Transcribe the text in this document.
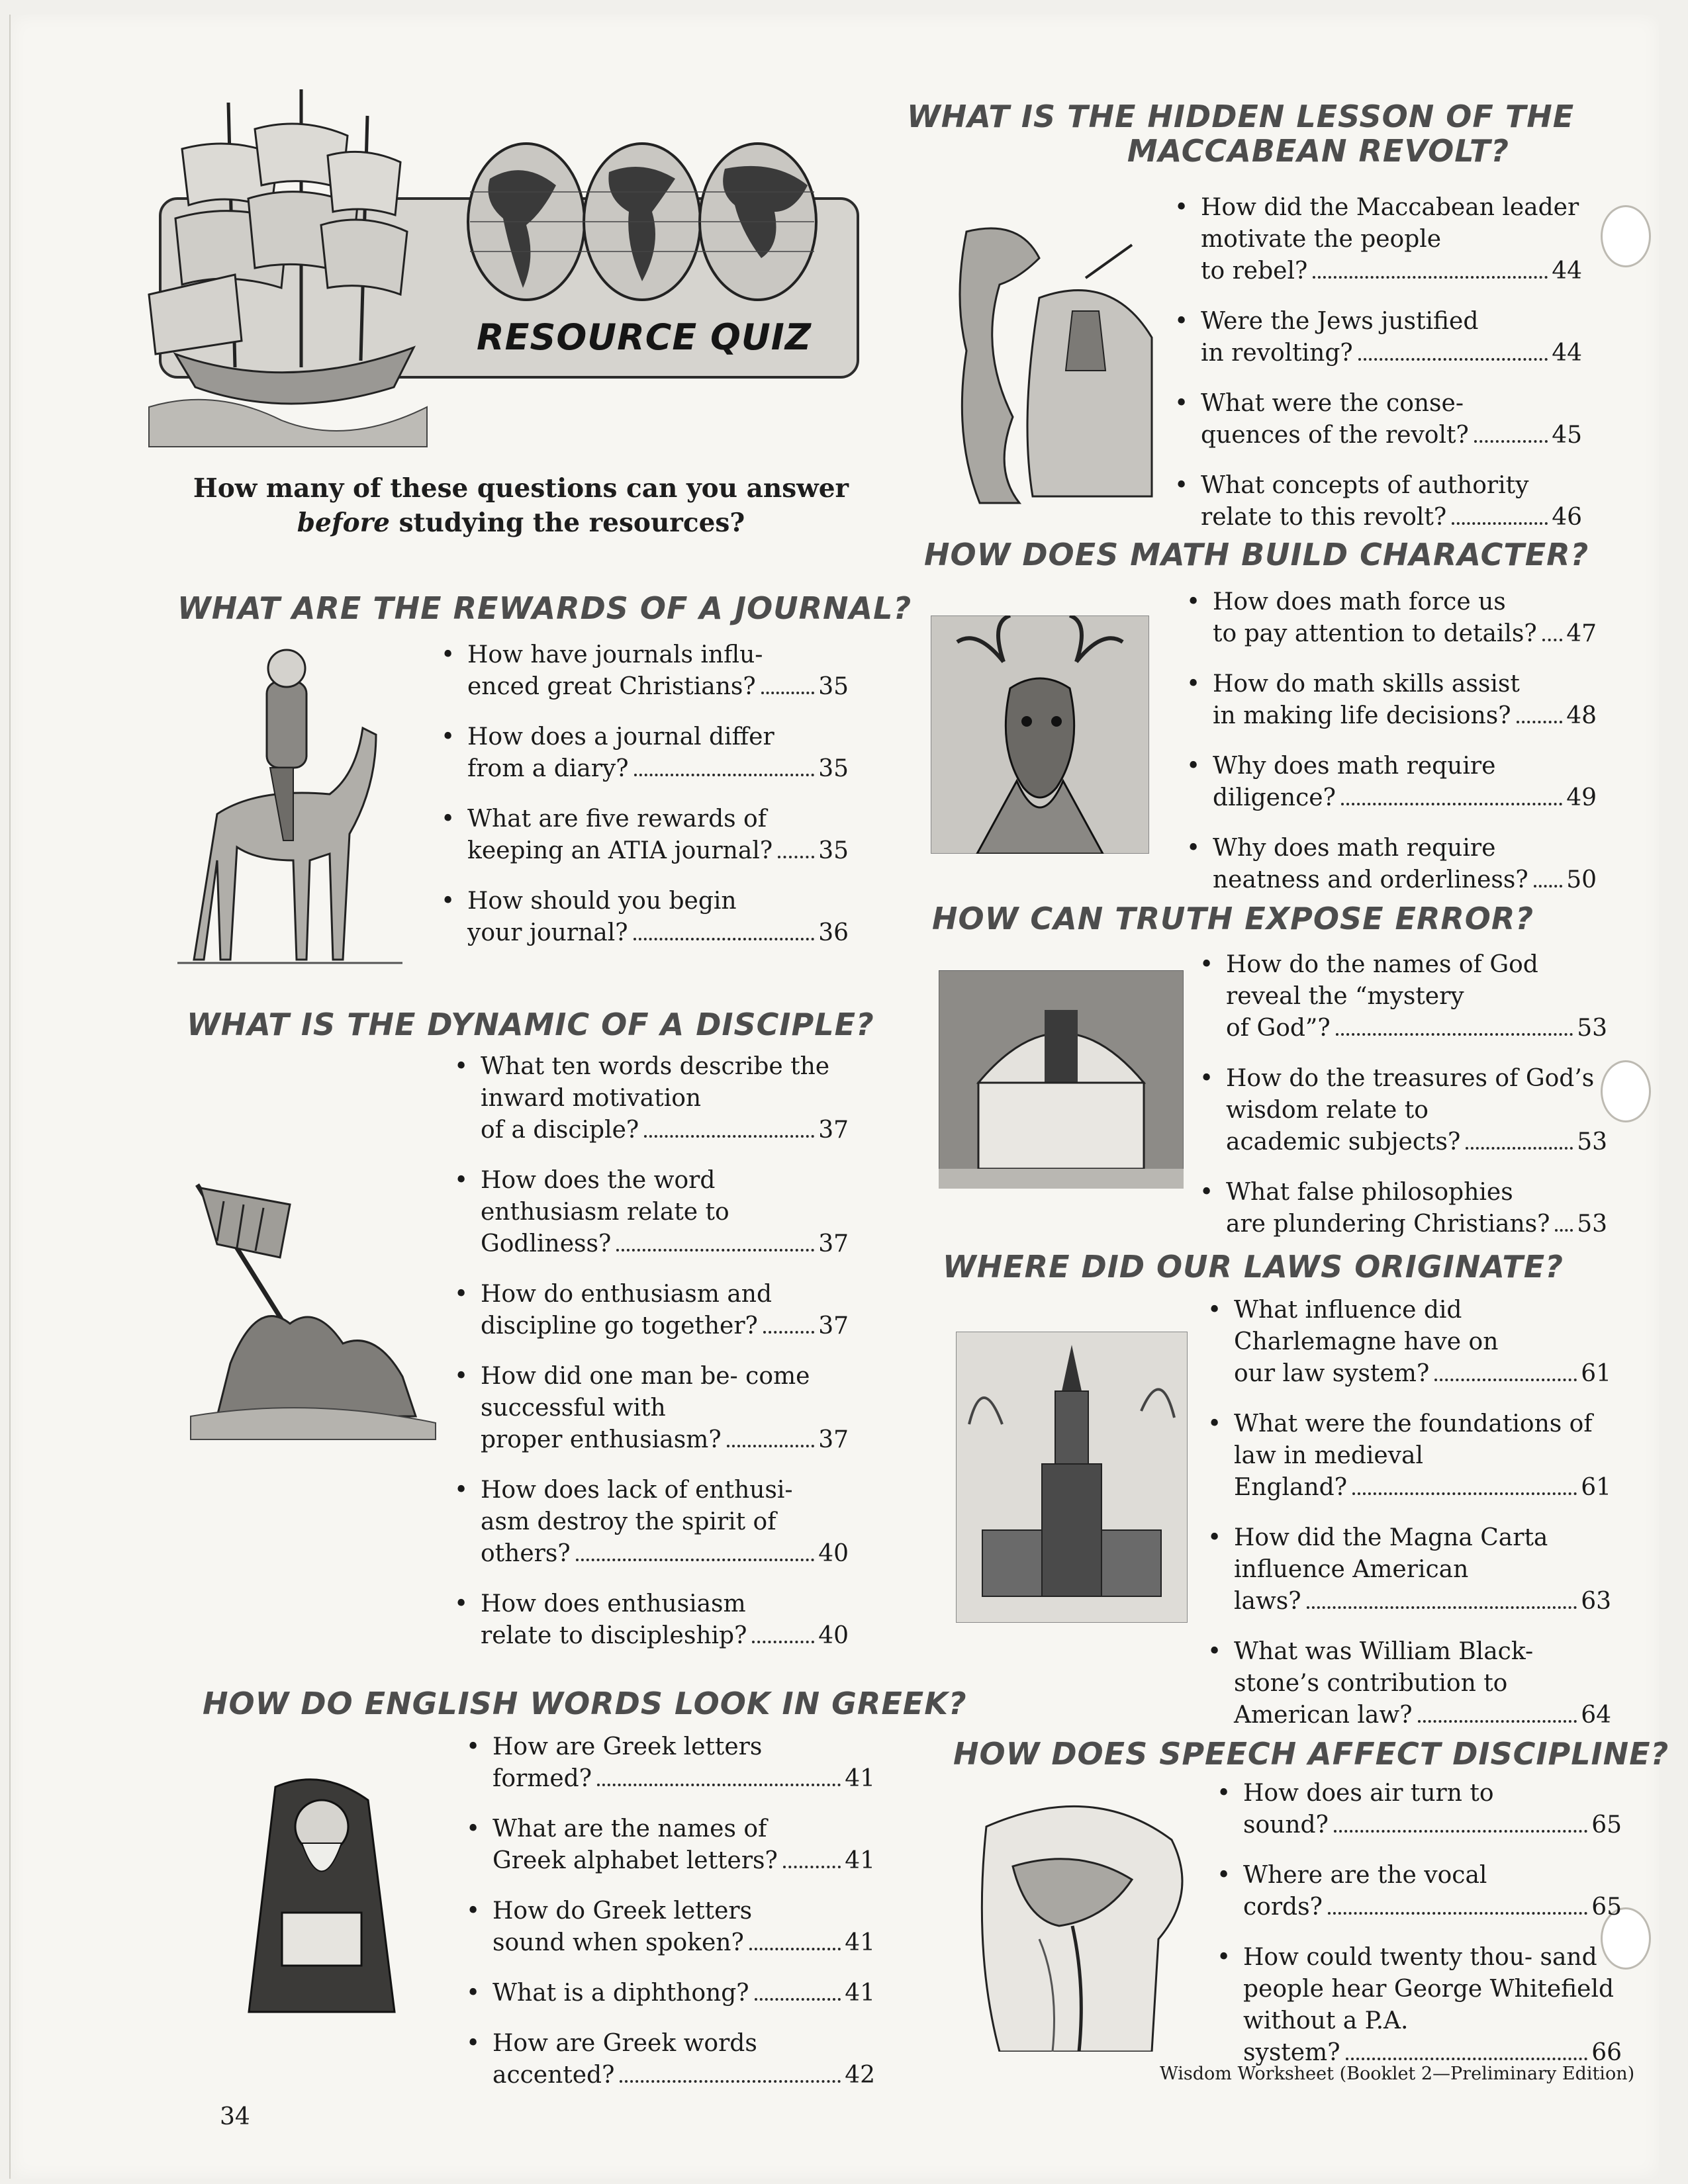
RESOURCE QUIZ
How many of these questions can you answer
before studying the resources?
WHAT ARE THE REWARDS OF A JOURNAL?
• How have journals influ-
enced great Christians?	35
• How does a journal differ
from a diary?	35
• What are five rewards of
keeping an ATIA journal? 35
• How should you begin
your journal?	36
WHAT IS THE DYNAMIC OF A DISCIPLE?
• What ten words describe the inward motivation
of a disciple?	37
• How does the word enthusiasm relate to
Godliness?	37
• How do enthusiasm and
discipline go together?	37
• How did one man be- come successful with
proper enthusiasm?	37
• How does lack of enthusi- asm destroy the spirit of
others?	40
• How does enthusiasm
relate to discipleship?	40
HOW DO ENGLISH WORDS LOOK IN GREEK?
• How are Greek letters
formed?	41
• What are the names of
Greek alphabet letters?	41
• How do Greek letters
sound when spoken?	41
• What is a diphthong?	41
• How are Greek words
accented?	42
WHAT IS THE HIDDEN LESSON OF THE
MACCABEAN REVOLT?
• How did the Maccabean leader motivate the people
to rebel?	44
• Were the Jews justified
in revolting?	44
• What were the conse-
quences of the revolt?	45
• What concepts of authority
relate to this revolt?	46
HOW DOES MATH BUILD CHARACTER?
• How does math force us
to pay attention to details? 47
• How do math skills assist
in making life decisions? 48
• Why does math require
diligence?	49
• Why does math require
neatness and orderliness? 50
HOW CAN TRUTH EXPOSE ERROR?
• How do the names of God reveal the “mystery
of God”?	53
• How do the treasures of God’s wisdom relate to
academic subjects?	53
• What false philosophies
are plundering Christians? 53
WHERE DID OUR LAWS ORIGINATE?
• What influence did Charlemagne have on
our law system?	61
• What were the foundations of law in medieval
England?	61
• How did the Magna Carta influence American
laws?	63
• What was William Black- stone’s contribution to
American law?	64
HOW DOES SPEECH AFFECT DISCIPLINE?
• How does air turn to
sound?	65
• Where are the vocal
cords?	65
• How could twenty thou- sand people hear George Whitefield without a P.A.
system?	66
34
Wisdom Worksheet (Booklet 2—Preliminary Edition)
